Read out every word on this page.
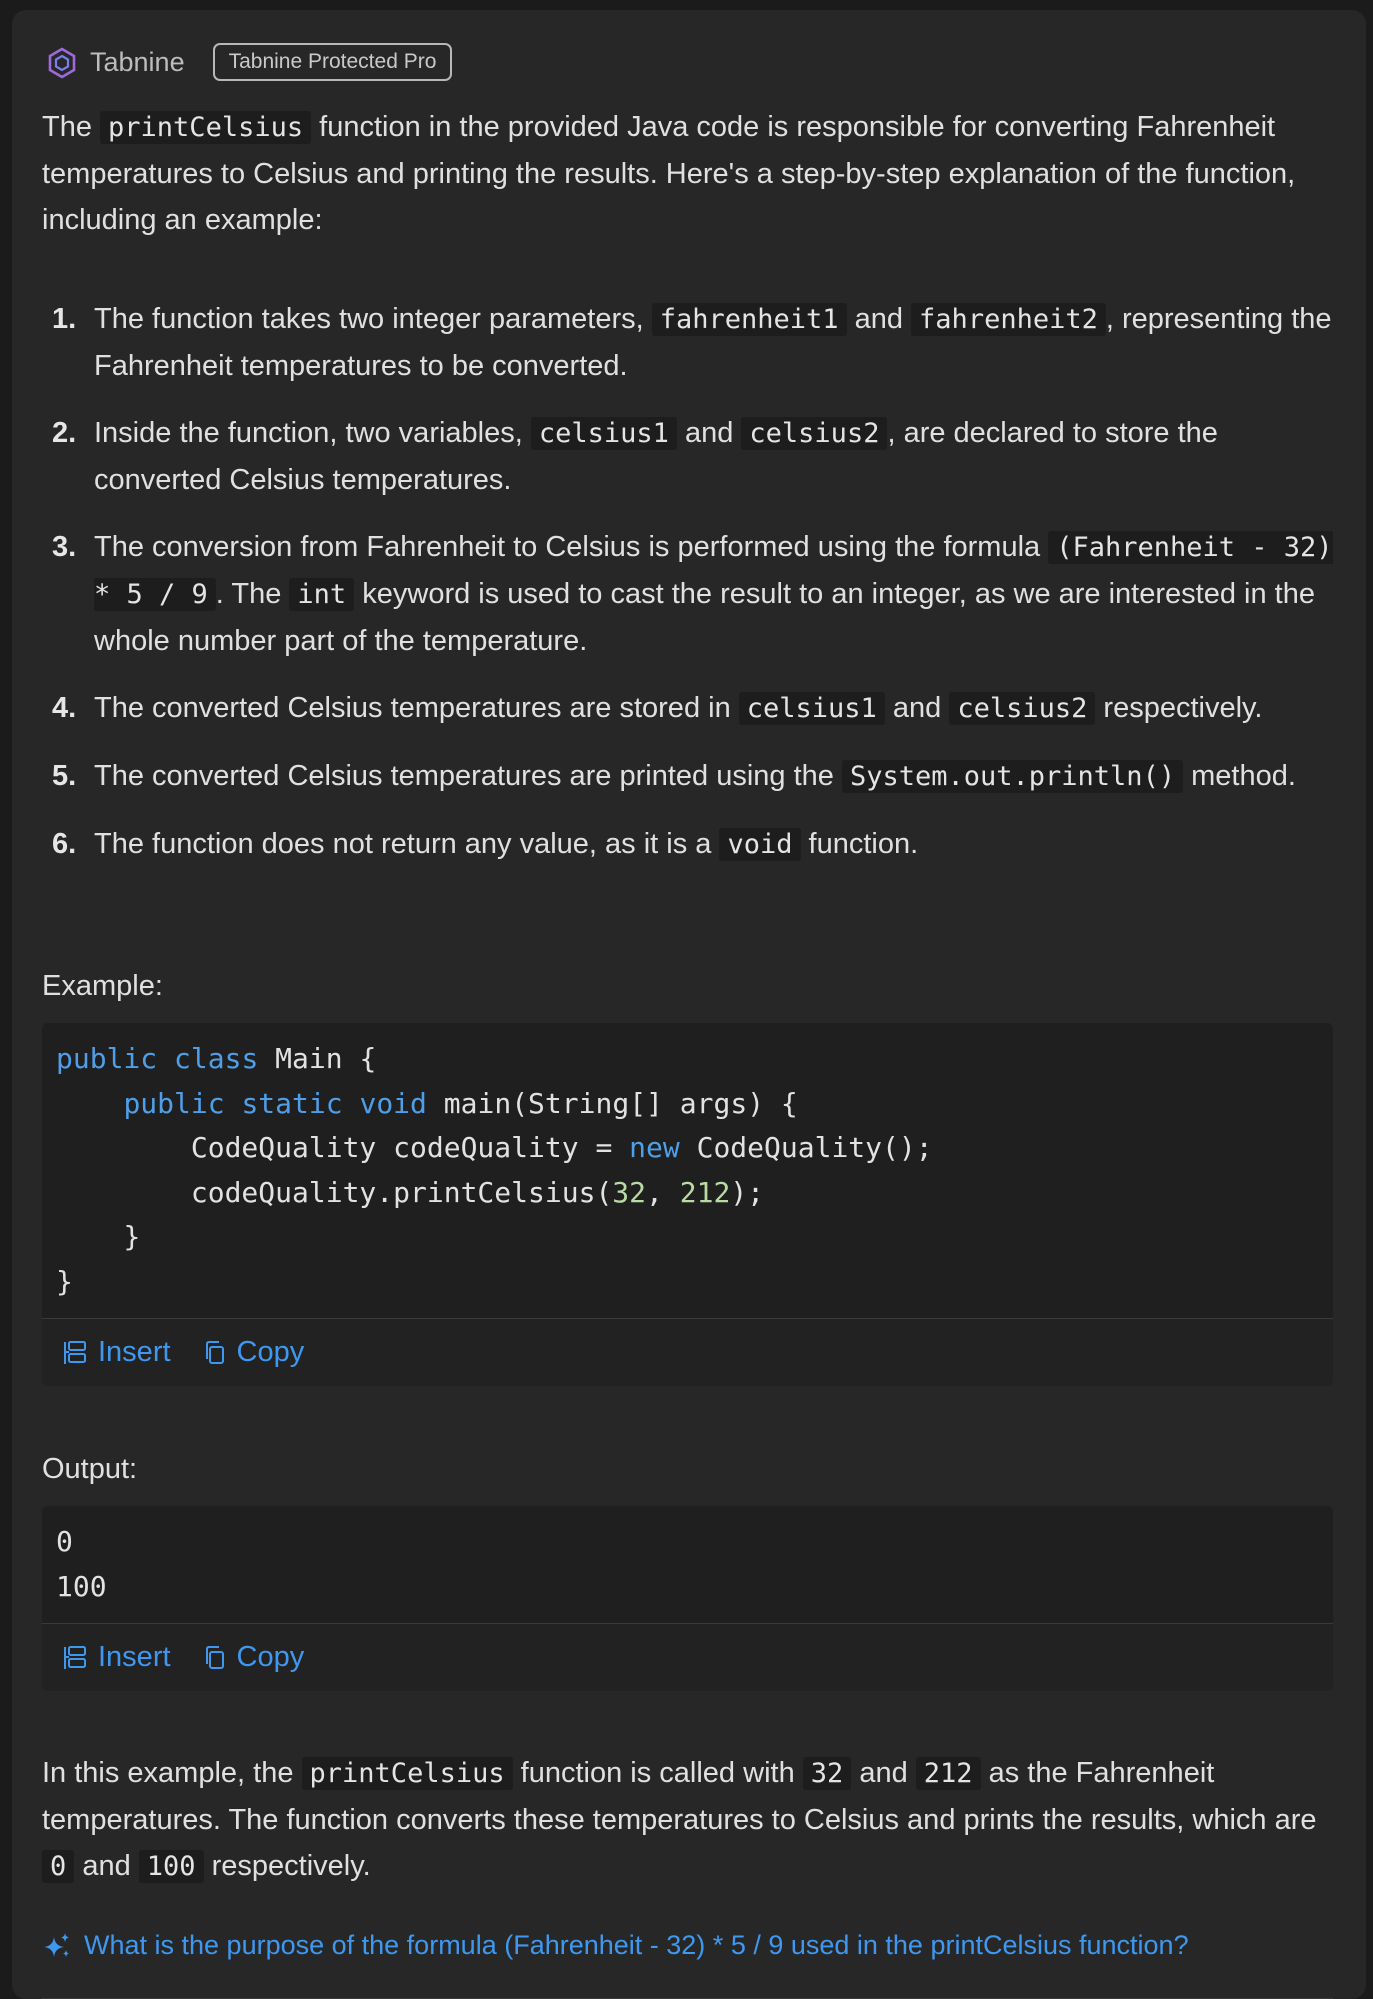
Tabnine	Tabnine Protected Pro

The printCelsius function in the provided Java code is responsible for converting Fahrenheit temperatures to Celsius and printing the results. Here's a step-by-step explanation of the function, including an example:

1. The function takes two integer parameters, fahrenheit1 and fahrenheit2 , representing the Fahrenheit temperatures to be converted.
2. Inside the function, two variables, celsius1 and celsius2 , are declared to store the converted Celsius temperatures.
3. The conversion from Fahrenheit to Celsius is performed using the formula (Fahrenheit - 32) * 5 / 9 . The int keyword is used to cast the result to an integer, as we are interested in the whole number part of the temperature.
4. The converted Celsius temperatures are stored in celsius1 and celsius2 respectively.
5. The converted Celsius temperatures are printed using the System.out.println() method.
6. The function does not return any value, as it is a void function.
Example:
public class Main {
public static void main(String[] args) {
CodeQuality codeQuality = new CodeQuality();
codeQuality.printCelsius(32, 212);
}
}
Insert Copy
Output:
0
100
Insert Copy

In this example, the printCelsius function is called with 32 and 212 as the Fahrenheit temperatures. The function converts these temperatures to Celsius and prints the results, which are 0 and 100 respectively.

What is the purpose of the formula (Fahrenheit - 32) * 5 / 9 used in the printCelsius function?
